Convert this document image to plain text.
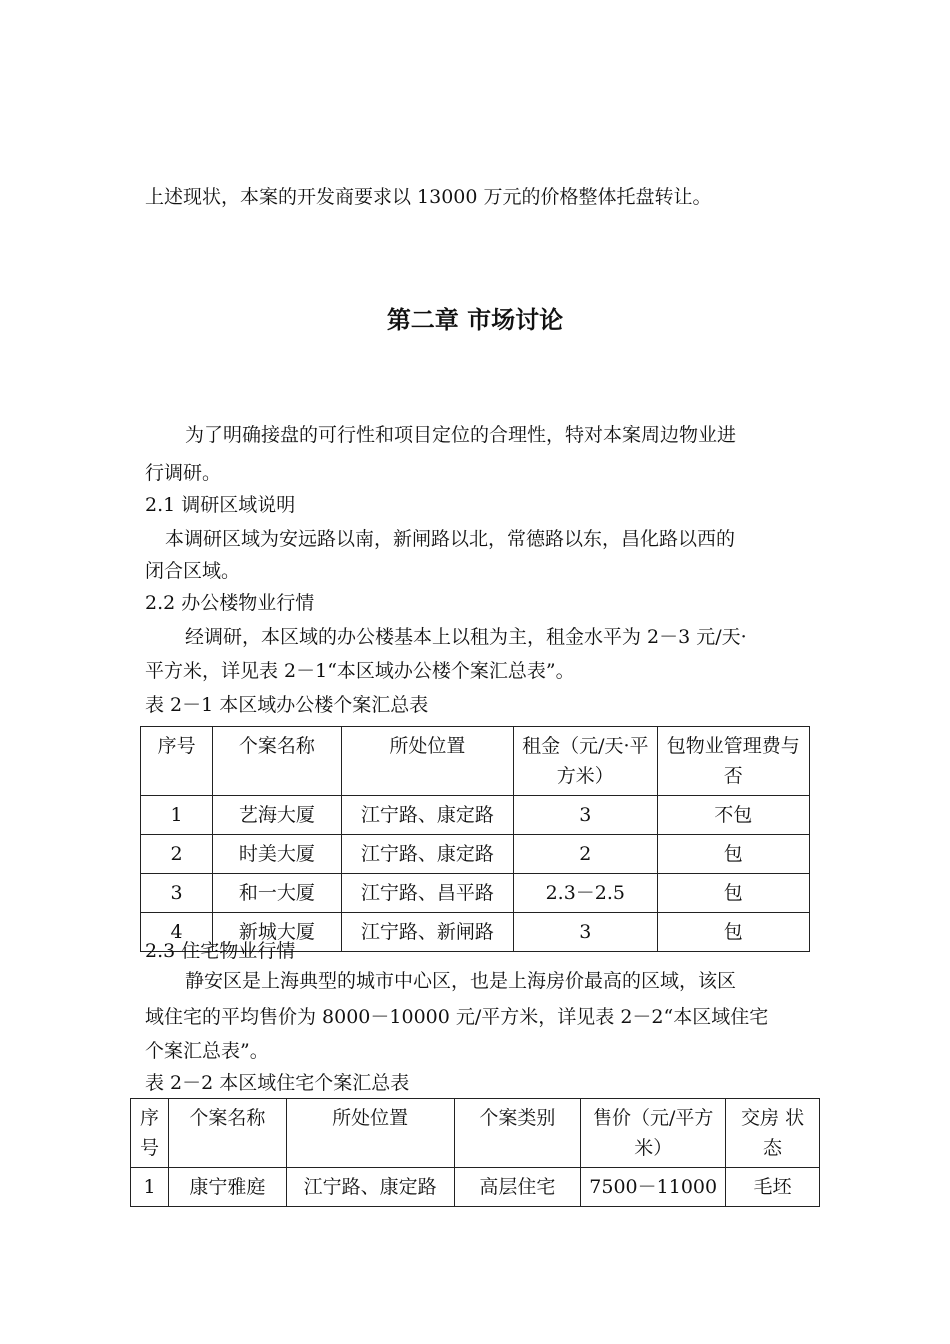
上述现状，本案的开发商要求以 13000 万元的价格整体托盘转让。
第二章 市场讨论
为了明确接盘的可行性和项目定位的合理性，特对本案周边物业进
行调研。
2.1 调研区域说明
本调研区域为安远路以南，新闸路以北，常德路以东，昌化路以西的
闭合区域。
2.2 办公楼物业行情
经调研，本区域的办公楼基本上以租为主，租金水平为 2－3 元/天·
平方米，详见表 2－1“本区域办公楼个案汇总表”。
表 2－1 本区域办公楼个案汇总表
序号	个案名称	所处位置	租金（元/天·平方米）	包物业管理费与否
1	艺海大厦	江宁路、康定路	3	不包
2	时美大厦	江宁路、康定路	2	包
3	和一大厦	江宁路、昌平路	2.3－2.5	包
4	新城大厦	江宁路、新闸路	3	包
2.3 住宅物业行情
静安区是上海典型的城市中心区，也是上海房价最高的区域，该区
域住宅的平均售价为 8000－10000 元/平方米，详见表 2－2“本区域住宅
个案汇总表”。
表 2－2 本区域住宅个案汇总表
序号	个案名称	所处位置	个案类别	售价（元/平方米）	交房 状态
1	康宁雅庭	江宁路、康定路	高层住宅	7500－11000	毛坯
